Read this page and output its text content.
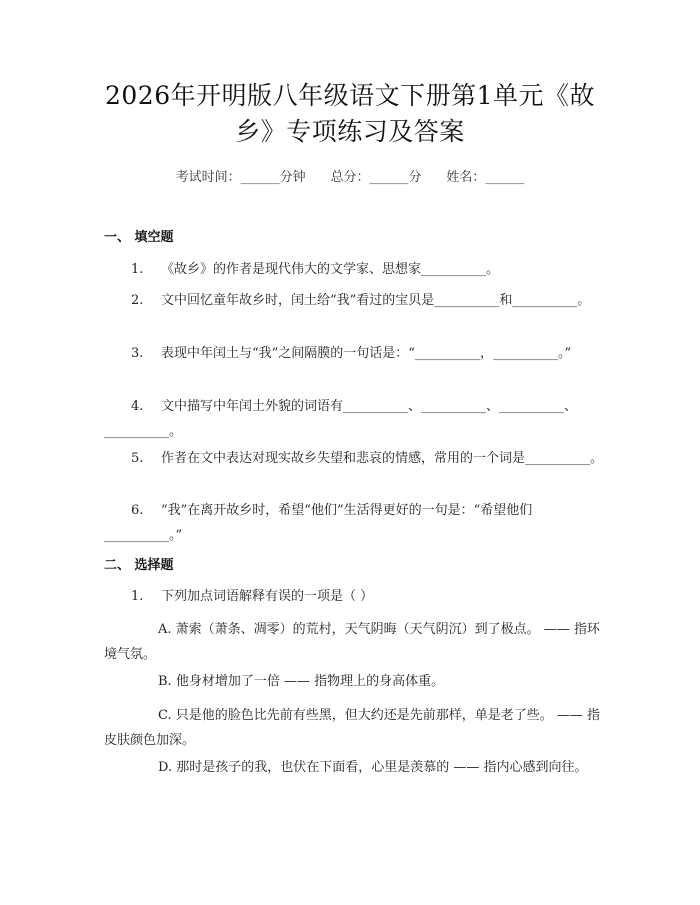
2026年开明版八年级语文下册第1单元《故乡》专项练习及答案
考试时间：______分钟 总分：______分 姓名：______
一、 填空题
1. 《故乡》的作者是现代伟大的文学家、思想家__________。
2. 文中回忆童年故乡时，闰土给“我”看过的宝贝是__________和__________。
3. 表现中年闰土与“我”之间隔膜的一句话是：“__________，__________。”
4. 文中描写中年闰土外貌的词语有__________、__________、__________、__________。
5. 作者在文中表达对现实故乡失望和悲哀的情感，常用的一个词是__________。
6. “我”在离开故乡时，希望“他们”生活得更好的一句是：“希望他们__________。”
二、 选择题
1. 下列加点词语解释有误的一项是（ ）
A. 萧索（萧条、凋零）的荒村，天气阴晦（天气阴沉）到了极点。 —— 指环境气氛。
B. 他身材增加了一倍 —— 指物理上的身高体重。
C. 只是他的脸色比先前有些黑，但大约还是先前那样，单是老了些。 —— 指皮肤颜色加深。
D. 那时是孩子的我，也伏在下面看，心里是羡慕的 —— 指内心感到向往。
